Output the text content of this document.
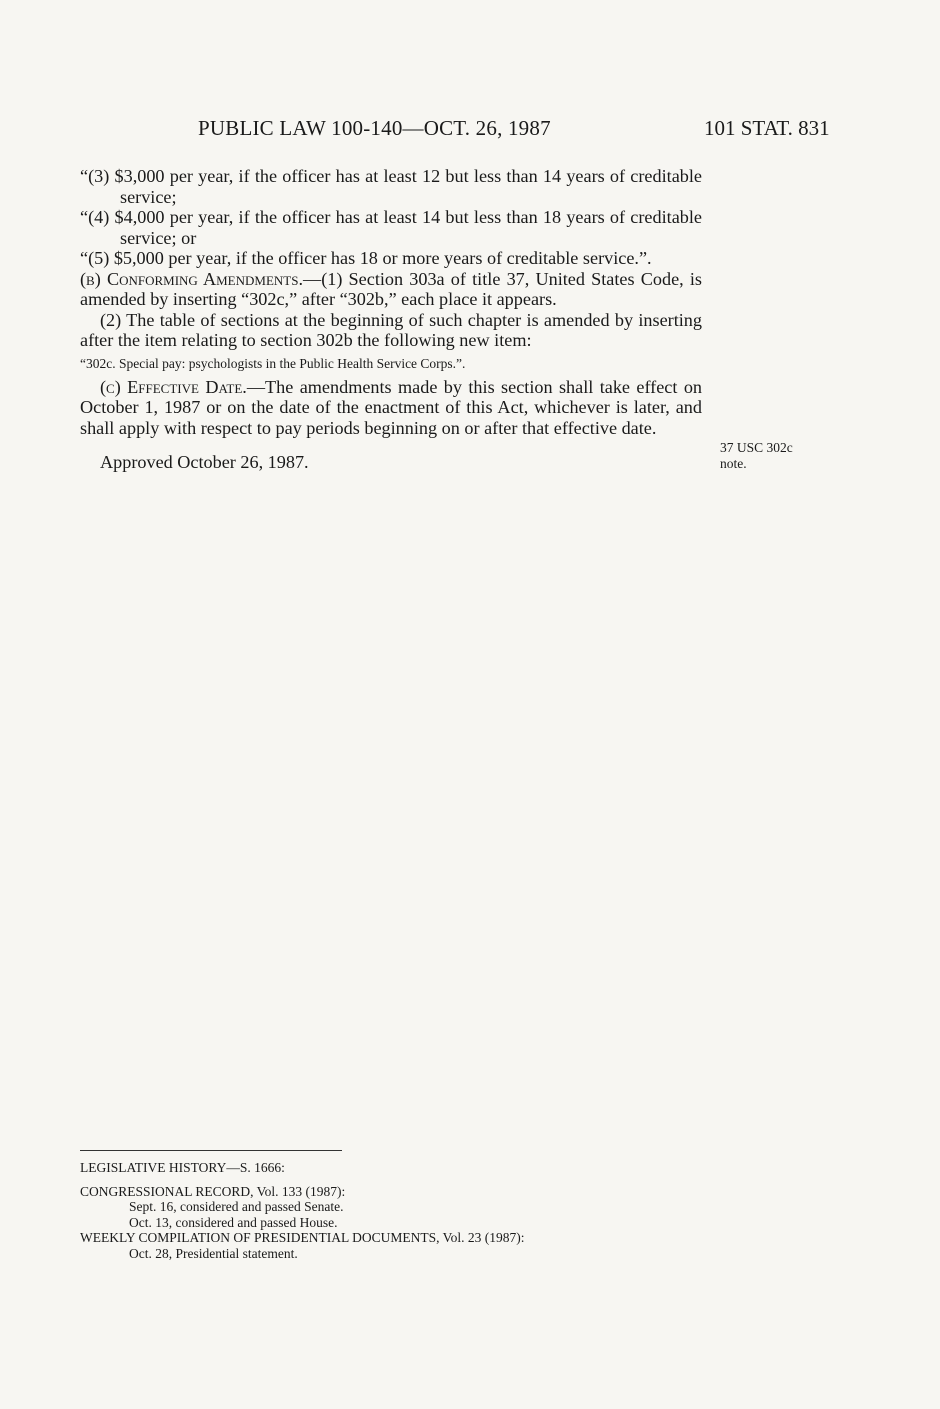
PUBLIC LAW 100-140—OCT. 26, 1987	101 STAT. 831

“(3) $3,000 per year, if the officer has at least 12 but less than 14 years of creditable service;

“(4) $4,000 per year, if the officer has at least 14 but less than 18 years of creditable service; or

“(5) $5,000 per year, if the officer has 18 or more years of creditable service.”.

(b) Conforming Amendments.—(1) Section 303a of title 37, United States Code, is amended by inserting “302c,” after “302b,” each place it appears.

(2) The table of sections at the beginning of such chapter is amended by inserting after the item relating to section 302b the following new item:

“302c. Special pay: psychologists in the Public Health Service Corps.”.

(c) Effective Date.—The amendments made by this section shall take effect on October 1, 1987 or on the date of the enactment of this Act, whichever is later, and shall apply with respect to pay periods beginning on or after that effective date.

Approved October 26, 1987.

37 USC 302c
note.

LEGISLATIVE HISTORY—S. 1666:

CONGRESSIONAL RECORD, Vol. 133 (1987):

Sept. 16, considered and passed Senate.

Oct. 13, considered and passed House.

WEEKLY COMPILATION OF PRESIDENTIAL DOCUMENTS, Vol. 23 (1987):

Oct. 28, Presidential statement.
